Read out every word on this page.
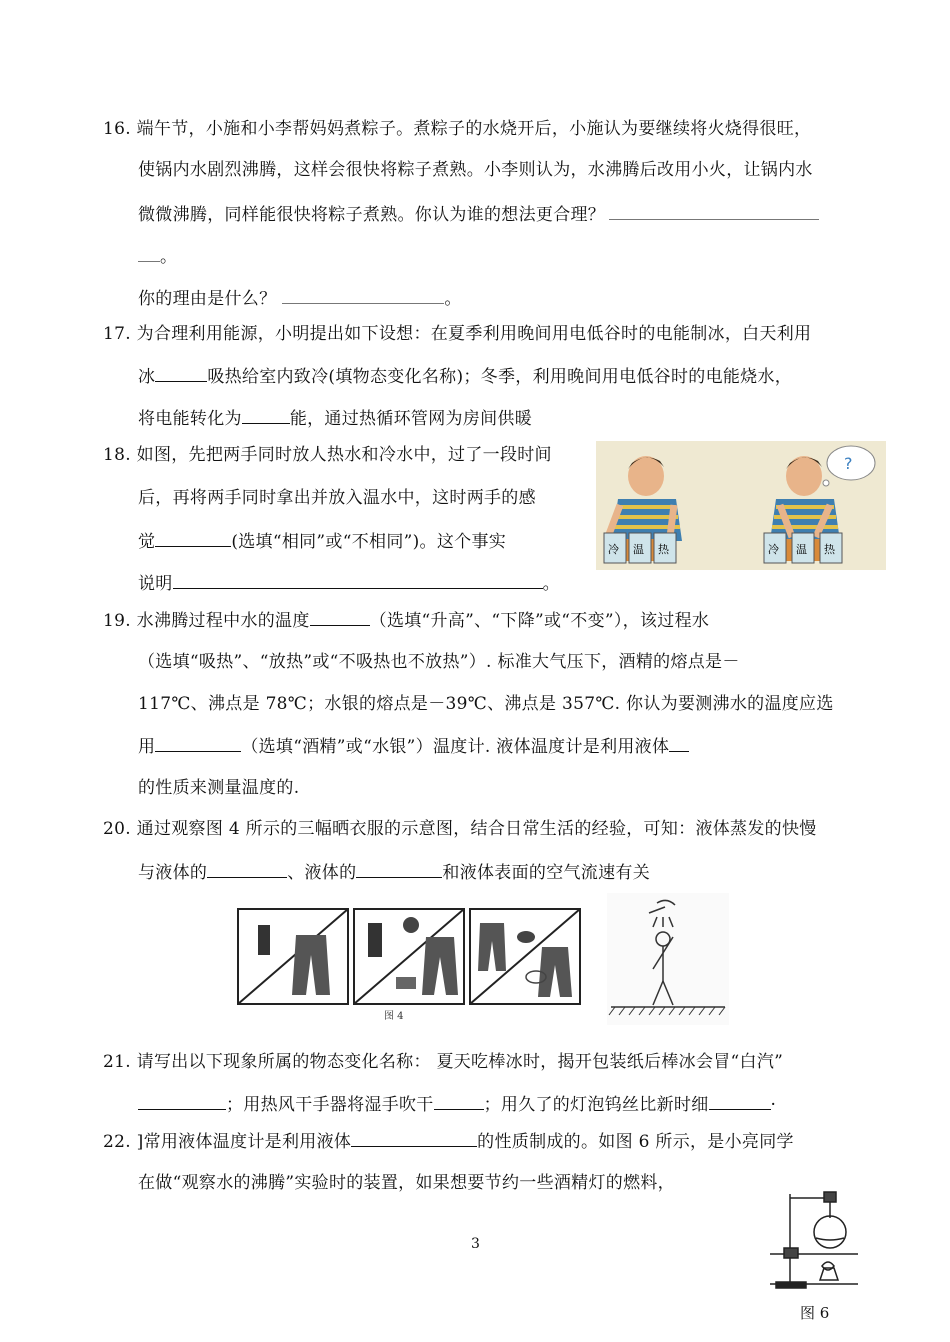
16. 端午节，小施和小李帮妈妈煮粽子。煮粽子的水烧开后，小施认为要继续将火烧得很旺，
使锅内水剧烈沸腾，这样会很快将粽子煮熟。小李则认为，水沸腾后改用小火，让锅内水
微微沸腾，同样能很快将粽子煮熟。你认为谁的想法更合理？
。
你的理由是什么？	。
17. 为合理利用能源，小明提出如下设想：在夏季利用晚间用电低谷时的电能制冰，白天利用
冰	吸热给室内致冷(填物态变化名称)；冬季，利用晚间用电低谷时的电能烧水，
将电能转化为	能，通过热循环管网为房间供暖
18. 如图，先把两手同时放人热水和冷水中，过了一段时间
后，再将两手同时拿出并放入温水中，这时两手的感
觉	(选填“相同”或“不相同”)。这个事实
说明	。
冷 温 热
?
冷 温 热
19. 水沸腾过程中水的温度	（选填“升高”、“下降”或“不变”），该过程水
（选填“吸热”、“放热”或“不吸热也不放热”）. 标准大气压下，酒精的熔点是－
117℃、沸点是 78℃；水银的熔点是－39℃、沸点是 357℃. 你认为要测沸水的温度应选
用	（选填“酒精”或“水银”）温度计. 液体温度计是利用液体
的性质来测量温度的.
20. 通过观察图 4 所示的三幅晒衣服的示意图，结合日常生活的经验，可知：液体蒸发的快慢
与液体的	、液体的	和液体表面的空气流速有关
图 4
21. 请写出以下现象所属的物态变化名称： 夏天吃棒冰时，揭开包装纸后棒冰会冒“白汽”
；用热风干手器将湿手吹干	；用久了的灯泡钨丝比新时细	·
22. ]常用液体温度计是利用液体	的性质制成的。如图 6 所示，是小亮同学
在做“观察水的沸腾”实验时的装置，如果想要节约一些酒精灯的燃料，
图 6
3
